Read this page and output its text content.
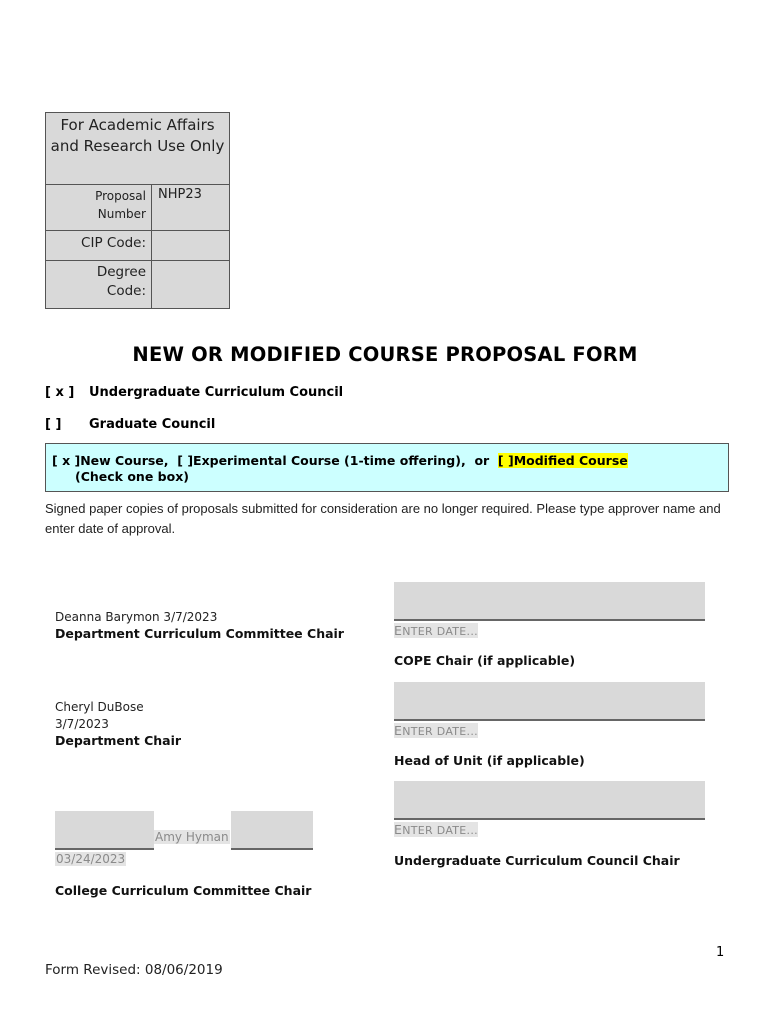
For Academic Affairs and Research Use Only	

Proposal
Number	NHP23
CIP Code:	

Degree
Code:	

NEW OR MODIFIED COURSE PROPOSAL FORM
[ x ] Undergraduate Curriculum Council
[ ] Graduate Council
[ x ]New Course, [ ]Experimental Course (1-time offering), or [ ]Modified Course
(Check one box)
Signed paper copies of proposals submitted for consideration are no longer required. Please type approver name and enter date of approval.
Deanna Barymon 3/7/2023
Department Curriculum Committee Chair
Cheryl DuBose
3/7/2023
Department Chair
Amy Hyman
03/24/2023
College Curriculum Committee Chair
ENTER DATE...
COPE Chair (if applicable)
ENTER DATE...
Head of Unit (if applicable)
ENTER DATE...
Undergraduate Curriculum Council Chair
1
Form Revised: 08/06/2019
